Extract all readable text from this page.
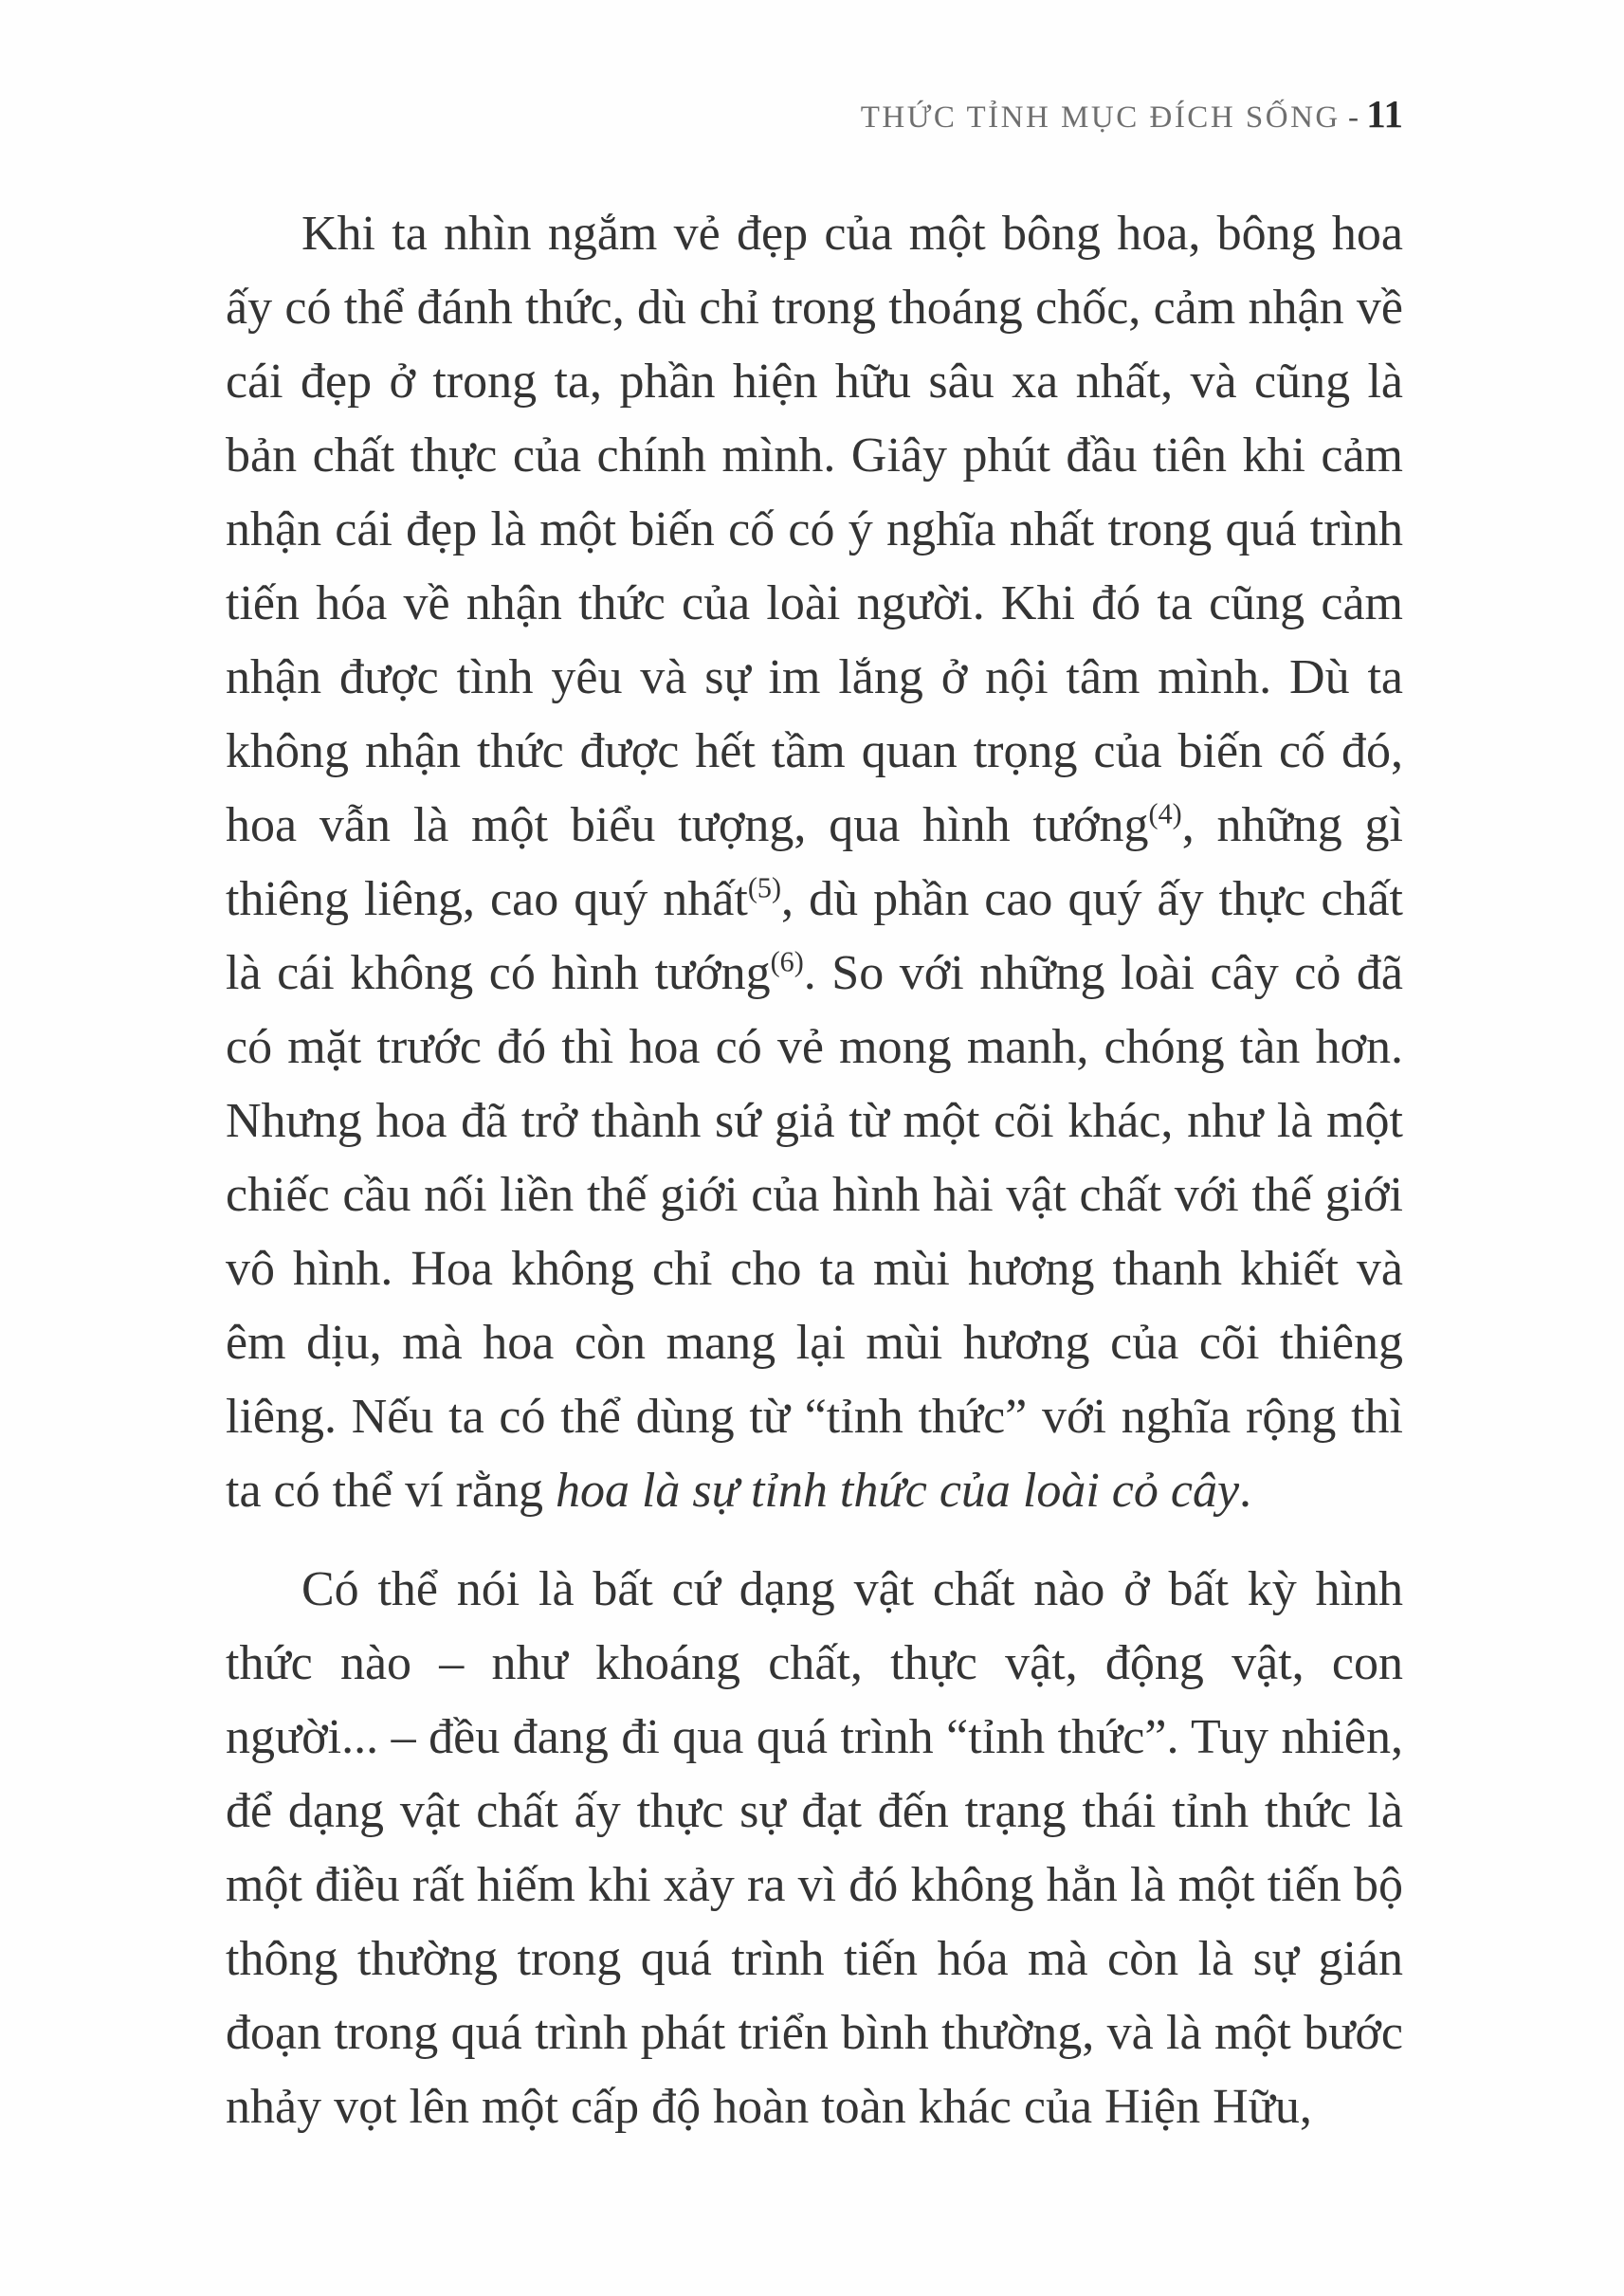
THỨC TỈNH MỤC ĐÍCH SỐNG - 11

Khi ta nhìn ngắm vẻ đẹp của một bông hoa, bông hoa ấy có thể đánh thức, dù chỉ trong thoáng chốc, cảm nhận về cái đẹp ở trong ta, phần hiện hữu sâu xa nhất, và cũng là bản chất thực của chính mình. Giây phút đầu tiên khi cảm nhận cái đẹp là một biến cố có ý nghĩa nhất trong quá trình tiến hóa về nhận thức của loài người. Khi đó ta cũng cảm nhận được tình yêu và sự im lắng ở nội tâm mình. Dù ta không nhận thức được hết tầm quan trọng của biến cố đó, hoa vẫn là một biểu tượng, qua hình tướng$^{(4)}$, những gì thiêng liêng, cao quý nhất$^{(5)}$, dù phần cao quý ấy thực chất là cái không có hình tướng$^{(6)}$. So với những loài cây cỏ đã có mặt trước đó thì hoa có vẻ mong manh, chóng tàn hơn. Nhưng hoa đã trở thành sứ giả từ một cõi khác, như là một chiếc cầu nối liền thế giới của hình hài vật chất với thế giới vô hình. Hoa không chỉ cho ta mùi hương thanh khiết và êm dịu, mà hoa còn mang lại mùi hương của cõi thiêng liêng. Nếu ta có thể dùng từ “tỉnh thức” với nghĩa rộng thì ta có thể ví rằng hoa là sự tỉnh thức của loài cỏ cây.

Có thể nói là bất cứ dạng vật chất nào ở bất kỳ hình thức nào – như khoáng chất, thực vật, động vật, con người... – đều đang đi qua quá trình “tỉnh thức”. Tuy nhiên, để dạng vật chất ấy thực sự đạt đến trạng thái tỉnh thức là một điều rất hiếm khi xảy ra vì đó không hẳn là một tiến bộ thông thường trong quá trình tiến hóa mà còn là sự gián đoạn trong quá trình phát triển bình thường, và là một bước nhảy vọt lên một cấp độ hoàn toàn khác của Hiện Hữu,
